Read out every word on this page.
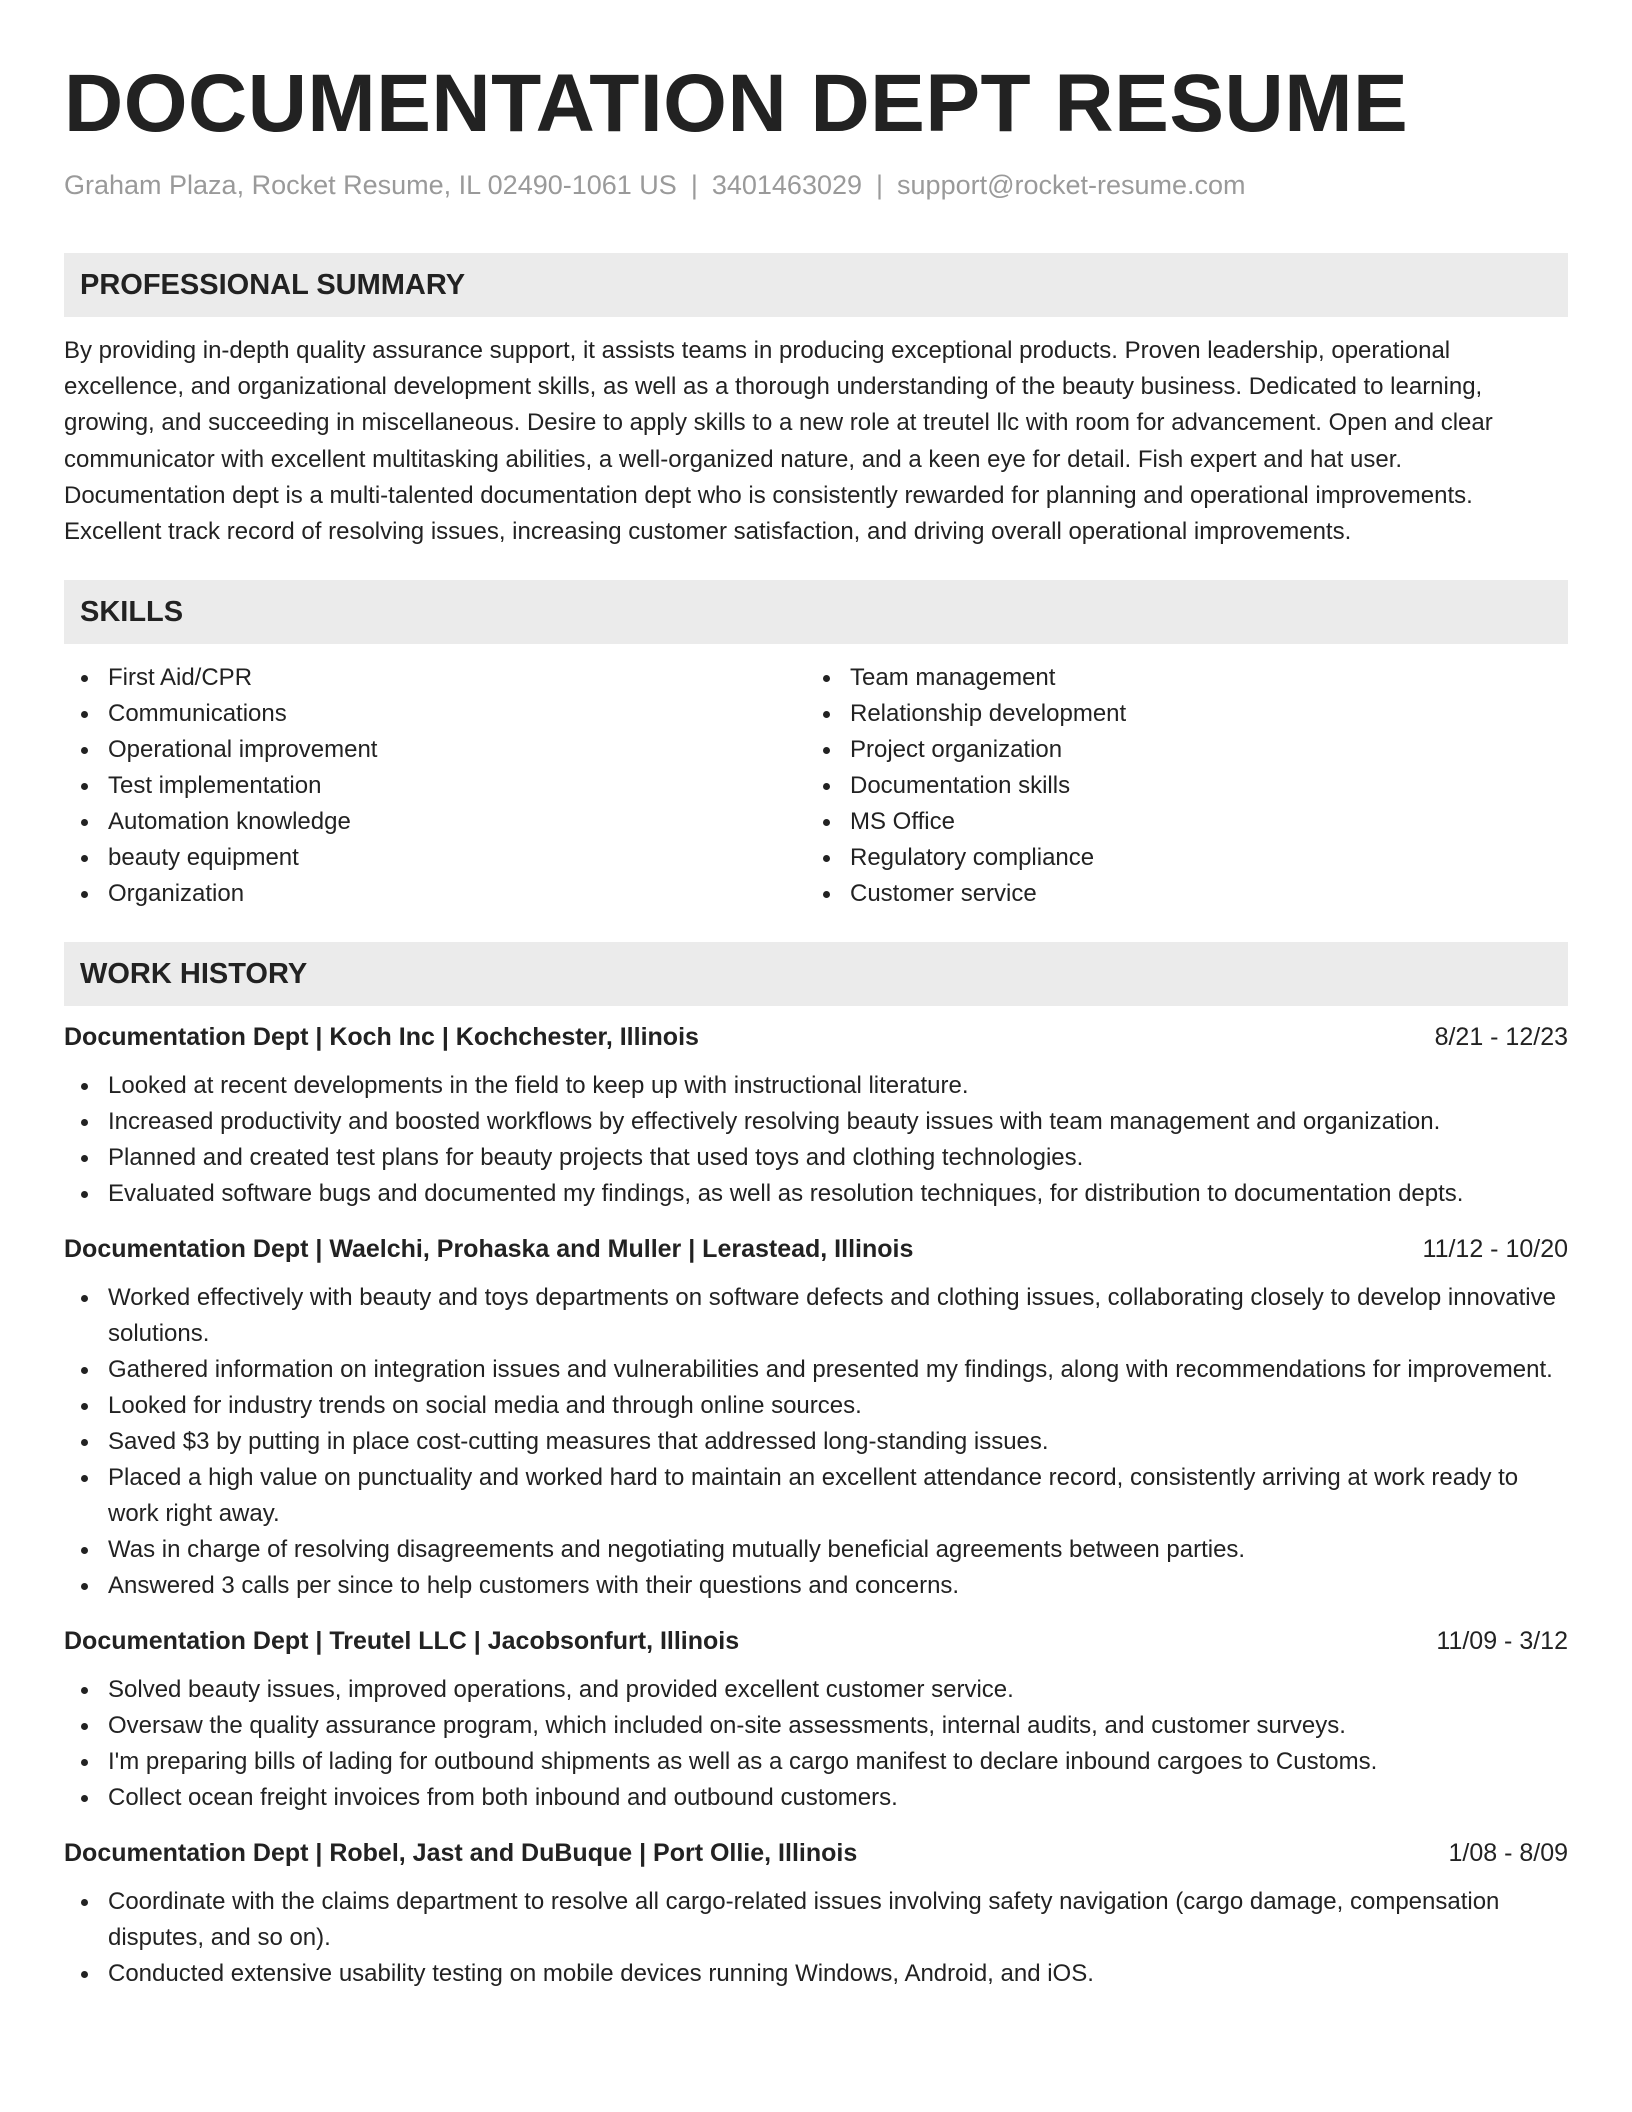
DOCUMENTATION DEPT RESUME
Graham Plaza, Rocket Resume, IL 02490-1061 US | 3401463029 | support@rocket-resume.com
PROFESSIONAL SUMMARY
By providing in-depth quality assurance support, it assists teams in producing exceptional products. Proven leadership, operational excellence, and organizational development skills, as well as a thorough understanding of the beauty business. Dedicated to learning, growing, and succeeding in miscellaneous. Desire to apply skills to a new role at treutel llc with room for advancement. Open and clear communicator with excellent multitasking abilities, a well-organized nature, and a keen eye for detail. Fish expert and hat user. Documentation dept is a multi-talented documentation dept who is consistently rewarded for planning and operational improvements. Excellent track record of resolving issues, increasing customer satisfaction, and driving overall operational improvements.
SKILLS
First Aid/CPR
Communications
Operational improvement
Test implementation
Automation knowledge
beauty equipment
Organization
Team management
Relationship development
Project organization
Documentation skills
MS Office
Regulatory compliance
Customer service
WORK HISTORY
Documentation Dept | Koch Inc | Kochchester, Illinois	8/21 - 12/23
Looked at recent developments in the field to keep up with instructional literature.
Increased productivity and boosted workflows by effectively resolving beauty issues with team management and organization.
Planned and created test plans for beauty projects that used toys and clothing technologies.
Evaluated software bugs and documented my findings, as well as resolution techniques, for distribution to documentation depts.
Documentation Dept | Waelchi, Prohaska and Muller | Lerastead, Illinois	11/12 - 10/20
Worked effectively with beauty and toys departments on software defects and clothing issues, collaborating closely to develop innovative solutions.
Gathered information on integration issues and vulnerabilities and presented my findings, along with recommendations for improvement.
Looked for industry trends on social media and through online sources.
Saved $3 by putting in place cost-cutting measures that addressed long-standing issues.
Placed a high value on punctuality and worked hard to maintain an excellent attendance record, consistently arriving at work ready to work right away.
Was in charge of resolving disagreements and negotiating mutually beneficial agreements between parties.
Answered 3 calls per since to help customers with their questions and concerns.
Documentation Dept | Treutel LLC | Jacobsonfurt, Illinois	11/09 - 3/12
Solved beauty issues, improved operations, and provided excellent customer service.
Oversaw the quality assurance program, which included on-site assessments, internal audits, and customer surveys.
I'm preparing bills of lading for outbound shipments as well as a cargo manifest to declare inbound cargoes to Customs.
Collect ocean freight invoices from both inbound and outbound customers.
Documentation Dept | Robel, Jast and DuBuque | Port Ollie, Illinois	1/08 - 8/09
Coordinate with the claims department to resolve all cargo-related issues involving safety navigation (cargo damage, compensation disputes, and so on).
Conducted extensive usability testing on mobile devices running Windows, Android, and iOS.
